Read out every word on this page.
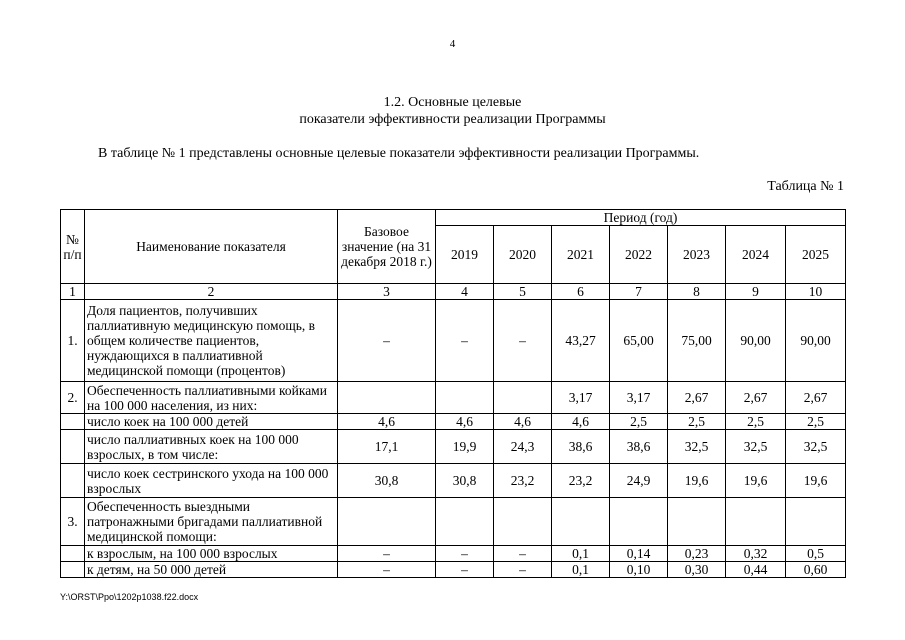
4
1.2. Основные целевые
показатели эффективности реализации Программы
В таблице № 1 представлены основные целевые показатели эффективности реализации Программы.
Таблица № 1
№ п/п	Наименование показателя	Базовое значение (на 31 декабря 2018 г.)	Период (год)						
			2019	2020	2021	2022	2023	2024	2025
1	2	3	4	5	6	7	8	9	10
1.	Доля пациентов, получивших паллиативную медицинскую помощь, в общем количестве пациентов, нуждающихся в паллиативной медицинской помощи (процентов)	–	–	–	43,27	65,00	75,00	90,00	90,00
2.	Обеспеченность паллиативными койками на 100 000 населения, из них:				3,17	3,17	2,67	2,67	2,67
	число коек на 100 000 детей	4,6	4,6	4,6	4,6	2,5	2,5	2,5	2,5
	число паллиативных коек на 100 000 взрослых, в том числе:	17,1	19,9	24,3	38,6	38,6	32,5	32,5	32,5
	число коек сестринского ухода на 100 000 взрослых	30,8	30,8	23,2	23,2	24,9	19,6	19,6	19,6
3.	Обеспеченность выездными патронажными бригадами паллиативной медицинской помощи:								
	к взрослым, на 100 000 взрослых	–	–	–	0,1	0,14	0,23	0,32	0,5
	к детям, на 50 000 детей	–	–	–	0,1	0,10	0,30	0,44	0,60
Y:\ORST\Ppo\1202p1038.f22.docx
